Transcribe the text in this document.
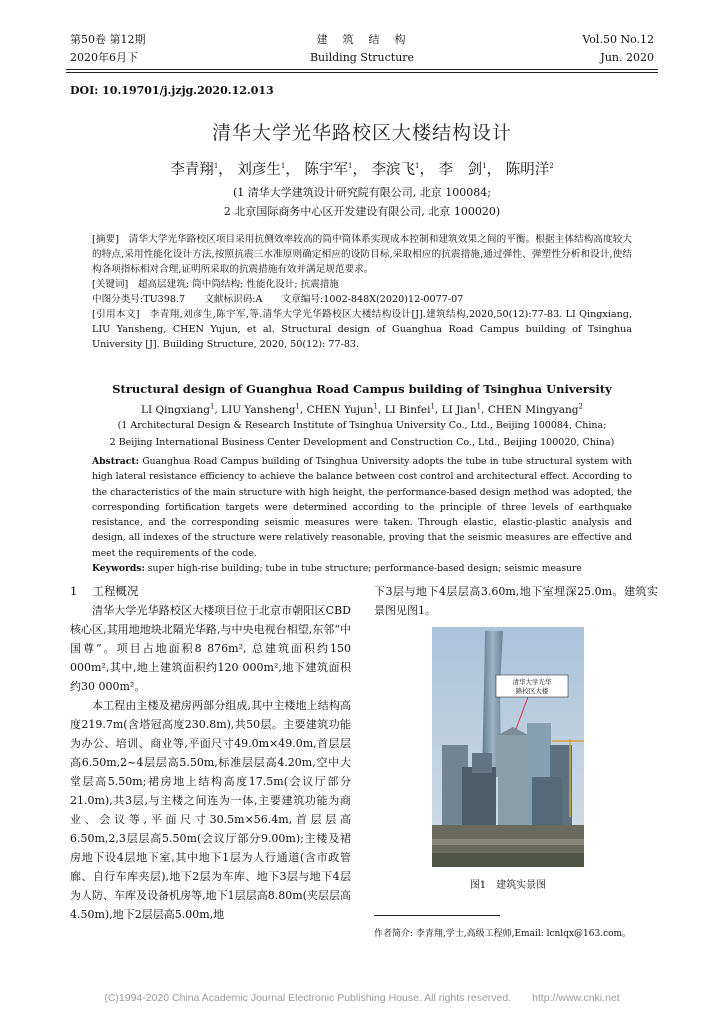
第50卷 第12期
2020年6月下
建　筑　结　构
Building Structure
Vol.50 No.12
Jun. 2020
DOI: 10.19701/j.jzjg.2020.12.013
清华大学光华路校区大楼结构设计
李青翔$^1$， 刘彦生$^1$， 陈宇军$^1$， 李滨飞$^1$， 李　剑$^1$， 陈明洋$^2$
(1 清华大学建筑设计研究院有限公司, 北京 100084;
2 北京国际商务中心区开发建设有限公司, 北京 100020)

[摘要]　 清华大学光华路校区项目采用抗侧效率较高的筒中筒体系实现成本控制和建筑效果之间的平衡。根据主体结构高度较大的特点,采用性能化设计方法,按照抗震三水准原则确定相应的设防目标,采取相应的抗震措施,通过弹性、弹塑性分析和设计,使结构各项指标相对合理,证明所采取的抗震措施有效并满足规范要求。

[关键词]　 超高层建筑; 筒中筒结构; 性能化设计; 抗震措施

中图分类号:TU398.7　　文献标识码:A　　文章编号:1002-848X(2020)12-0077-07

[引用本文]　 李青翔,刘彦生,陈宇军,等.清华大学光华路校区大楼结构设计[J].建筑结构,2020,50(12):77-83. LI Qingxiang, LIU Yansheng, CHEN Yujun, et al. Structural design of Guanghua Road Campus building of Tsinghua University [J]. Building Structure, 2020, 50(12): 77-83.

Structural design of Guanghua Road Campus building of Tsinghua University
LI Qingxiang$^1$, LIU Yansheng$^1$, CHEN Yujun$^1$, LI Binfei$^1$, LI Jian$^1$, CHEN Mingyang$^2$
(1 Architectural Design & Research Institute of Tsinghua University Co., Ltd., Beijing 100084, China;
2 Beijing International Business Center Development and Construction Co., Ltd., Beijing 100020, China)

Abstract: Guanghua Road Campus building of Tsinghua University adopts the tube in tube structural system with high lateral resistance efficiency to achieve the balance between cost control and architectural effect. According to the characteristics of the main structure with high height, the performance-based design method was adopted, the corresponding fortification targets were determined according to the principle of three levels of earthquake resistance, and the corresponding seismic measures were taken. Through elastic, elastic-plastic analysis and design, all indexes of the structure were relatively reasonable, proving that the seismic measures are effective and meet the requirements of the code.

Keywords: super high-rise building; tube in tube structure; performance-based design; seismic measure

1　 工程概况

清华大学光华路校区大楼项目位于北京市朝阳区CBD核心区,其用地地块北隔光华路,与中央电视台相望,东邻“中国尊”。项目占地面积8 876m², 总建筑面积约150 000m²,其中,地上建筑面积约120 000m²,地下建筑面积约30 000m²。

本工程由主楼及裙房两部分组成,其中主楼地上结构高度219.7m(含塔冠高度230.8m),共50层。主要建筑功能为办公、培训、商业等,平面尺寸49.0m×49.0m,首层层高6.50m,2~4层层高5.50m,标准层层高4.20m,空中大堂层高5.50m;裙房地上结构高度17.5m(会议厅部分21.0m),共3层,与主楼之间连为一体,主要建筑功能为商业、会议等,平面尺寸30.5m×56.4m,首层层高6.50m,2,3层层高5.50m(会议厅部分9.00m);主楼及裙房地下设4层地下室,其中地下1层为人行通道(含市政管廊、自行车库夹层),地下2层为车库、地下3层与地下4层为人防、车库及设备机房等,地下1层层高8.80m(夹层层高4.50m),地下2层层高5.00m,地

下3层与地下4层层高3.60m,地下室埋深25.0m。建筑实景图见图1。

清华大学光华路校区大楼
图1　建筑实景图
作者简介: 李青翔,学士,高级工程师,Email: lcnlqx@163.com。
(C)1994-2020 China Academic Journal Electronic Publishing House. All rights reserved.　　http://www.cnki.net
